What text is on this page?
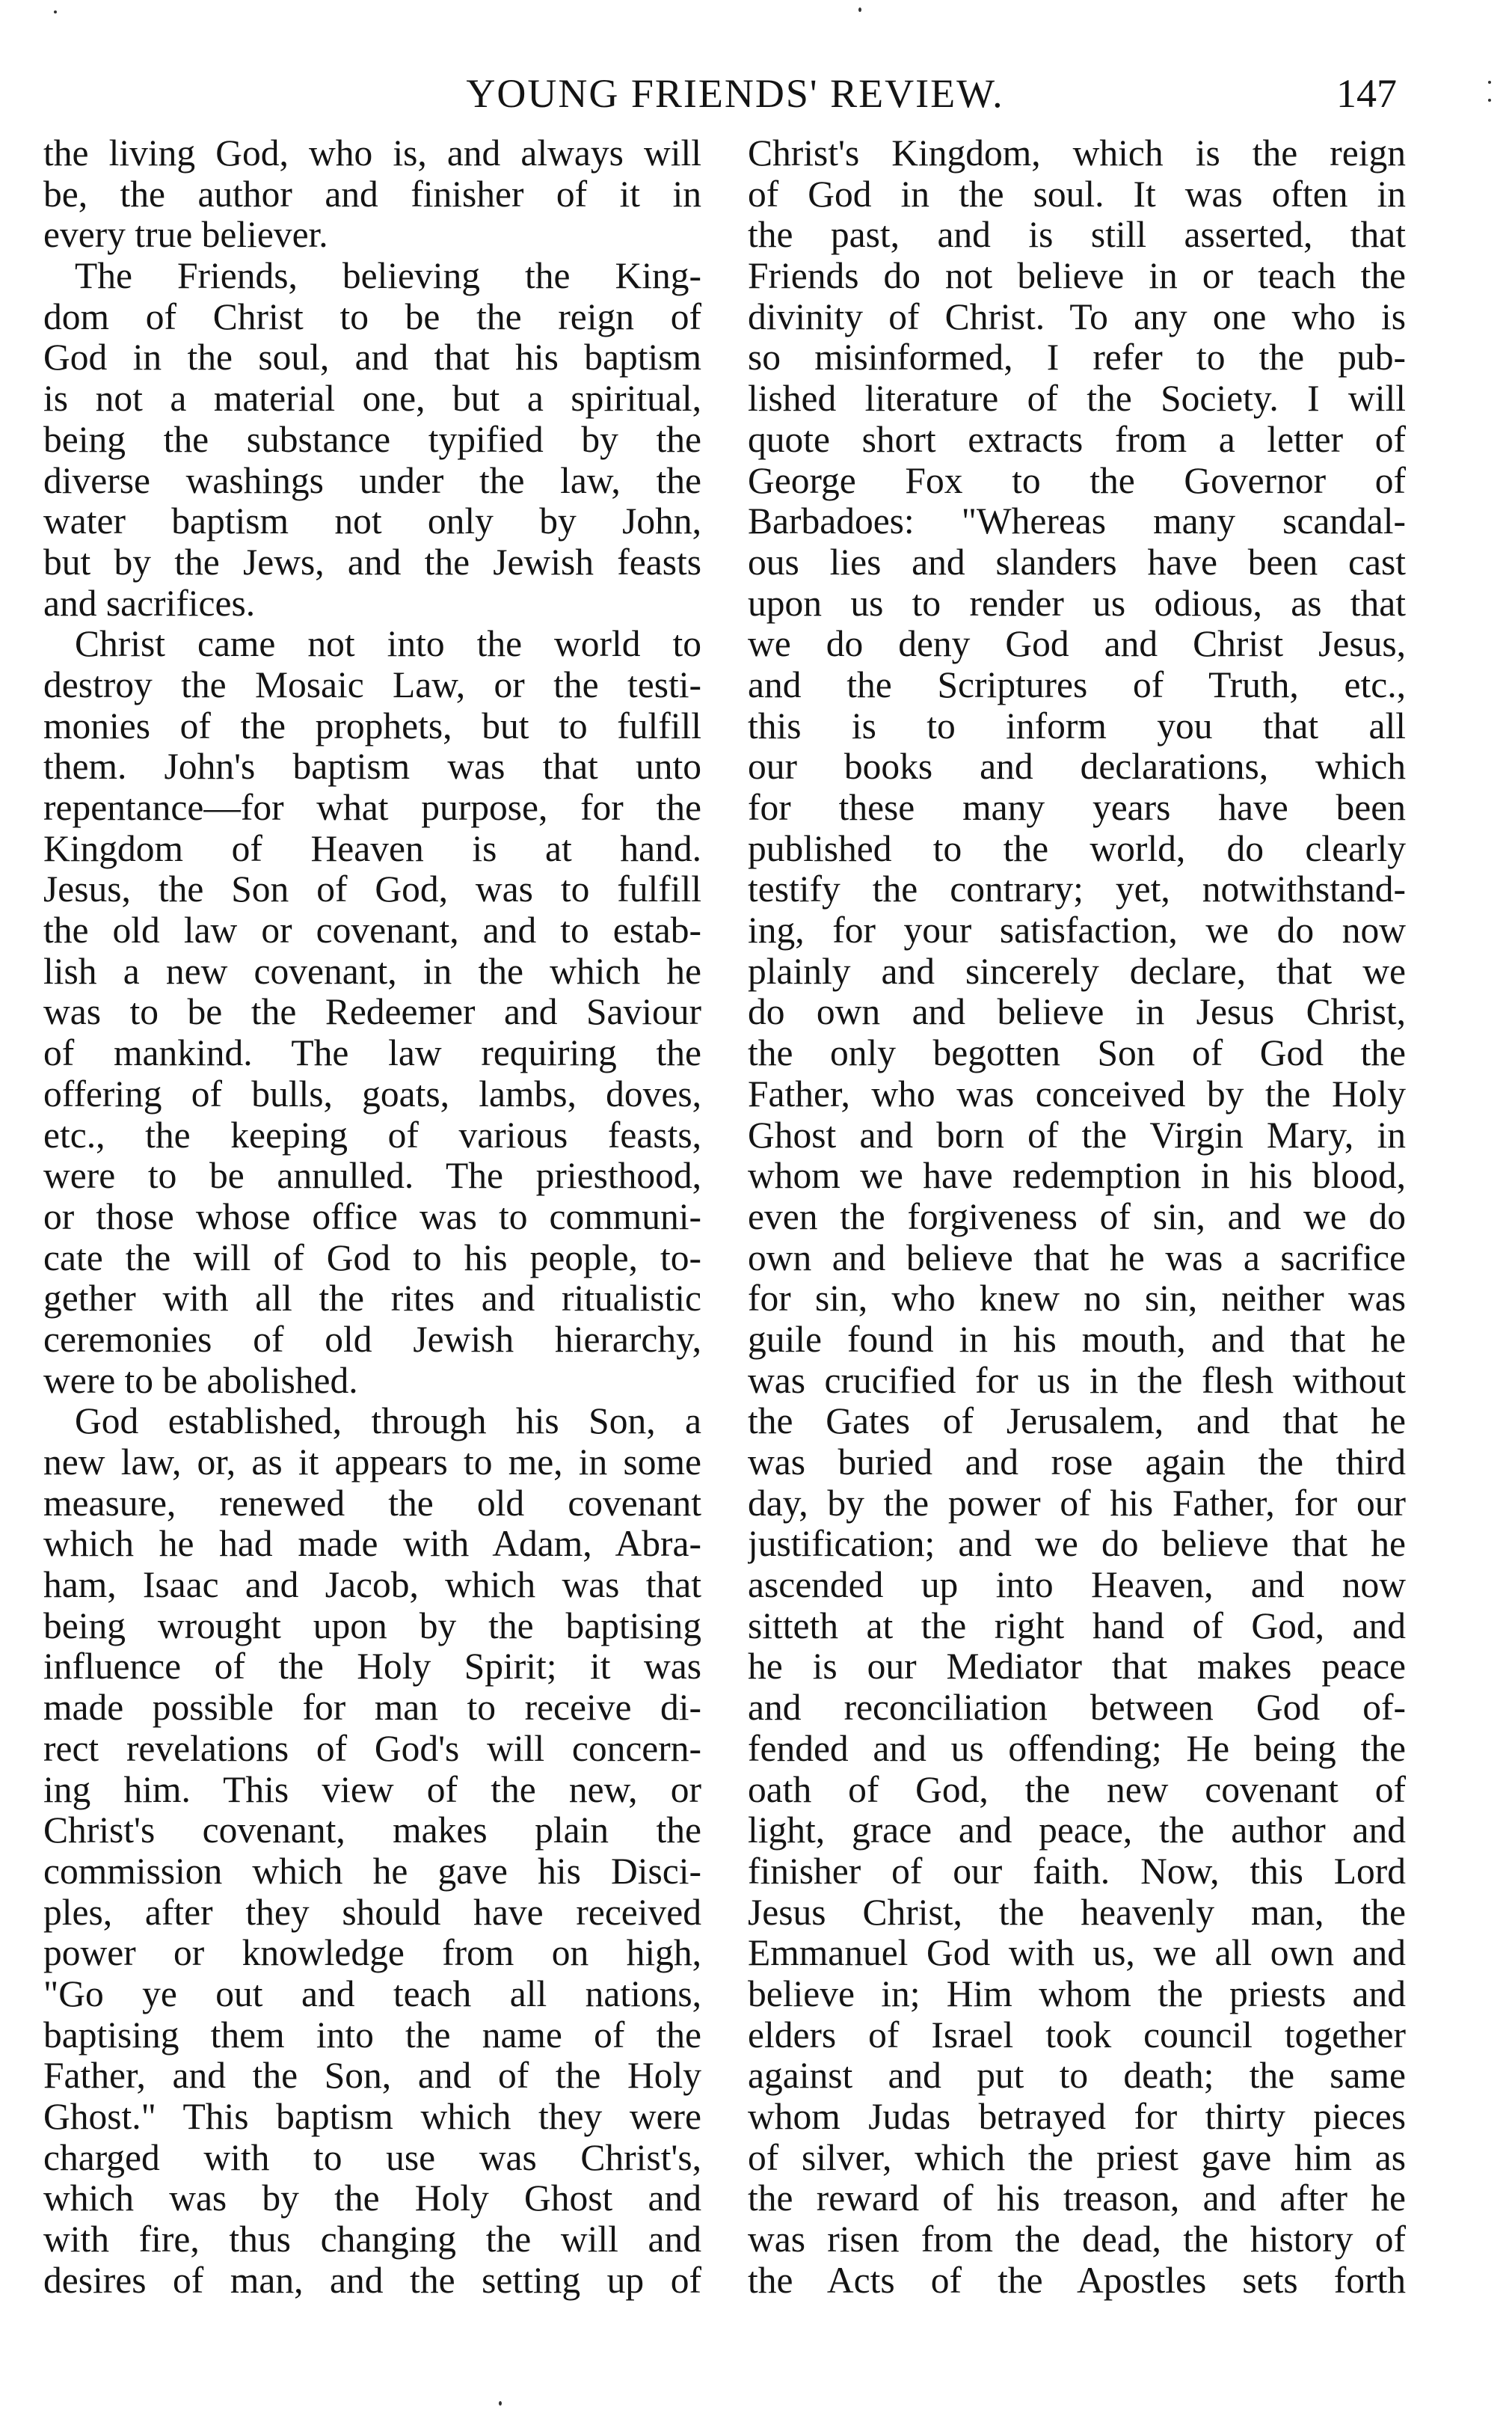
YOUNG FRIENDS' REVIEW.	147
the living God, who is, and always will
be, the author and finisher of it in
every true believer.
The Friends, believing the King-
dom of Christ to be the reign of
God in the soul, and that his baptism
is not a material one, but a spiritual,
being the substance typified by the
diverse washings under the law, the
water baptism not only by John,
but by the Jews, and the Jewish feasts
and sacrifices.
Christ came not into the world to
destroy the Mosaic Law, or the testi-
monies of the prophets, but to fulfill
them. John's baptism was that unto
repentance—for what purpose, for the
Kingdom of Heaven is at hand.
Jesus, the Son of God, was to fulfill
the old law or covenant, and to estab-
lish a new covenant, in the which he
was to be the Redeemer and Saviour
of mankind. The law requiring the
offering of bulls, goats, lambs, doves,
etc., the keeping of various feasts,
were to be annulled. The priesthood,
or those whose office was to communi-
cate the will of God to his people, to-
gether with all the rites and ritualistic
ceremonies of old Jewish hierarchy,
were to be abolished.
God established, through his Son, a
new law, or, as it appears to me, in some
measure, renewed the old covenant
which he had made with Adam, Abra-
ham, Isaac and Jacob, which was that
being wrought upon by the baptising
influence of the Holy Spirit; it was
made possible for man to receive di-
rect revelations of God's will concern-
ing him. This view of the new, or
Christ's covenant, makes plain the
commission which he gave his Disci-
ples, after they should have received
power or knowledge from on high,
"Go ye out and teach all nations,
baptising them into the name of the
Father, and the Son, and of the Holy
Ghost." This baptism which they were
charged with to use was Christ's,
which was by the Holy Ghost and
with fire, thus changing the will and
desires of man, and the setting up of
Christ's Kingdom, which is the reign
of God in the soul. It was often in
the past, and is still asserted, that
Friends do not believe in or teach the
divinity of Christ. To any one who is
so misinformed, I refer to the pub-
lished literature of the Society. I will
quote short extracts from a letter of
George Fox to the Governor of
Barbadoes: "Whereas many scandal-
ous lies and slanders have been cast
upon us to render us odious, as that
we do deny God and Christ Jesus,
and the Scriptures of Truth, etc.,
this is to inform you that all
our books and declarations, which
for these many years have been
published to the world, do clearly
testify the contrary; yet, notwithstand-
ing, for your satisfaction, we do now
plainly and sincerely declare, that we
do own and believe in Jesus Christ,
the only begotten Son of God the
Father, who was conceived by the Holy
Ghost and born of the Virgin Mary, in
whom we have redemption in his blood,
even the forgiveness of sin, and we do
own and believe that he was a sacrifice
for sin, who knew no sin, neither was
guile found in his mouth, and that he
was crucified for us in the flesh without
the Gates of Jerusalem, and that he
was buried and rose again the third
day, by the power of his Father, for our
justification; and we do believe that he
ascended up into Heaven, and now
sitteth at the right hand of God, and
he is our Mediator that makes peace
and reconciliation between God of-
fended and us offending; He being the
oath of God, the new covenant of
light, grace and peace, the author and
finisher of our faith. Now, this Lord
Jesus Christ, the heavenly man, the
Emmanuel God with us, we all own and
believe in; Him whom the priests and
elders of Israel took council together
against and put to death; the same
whom Judas betrayed for thirty pieces
of silver, which the priest gave him as
the reward of his treason, and after he
was risen from the dead, the history of
the Acts of the Apostles sets forth
